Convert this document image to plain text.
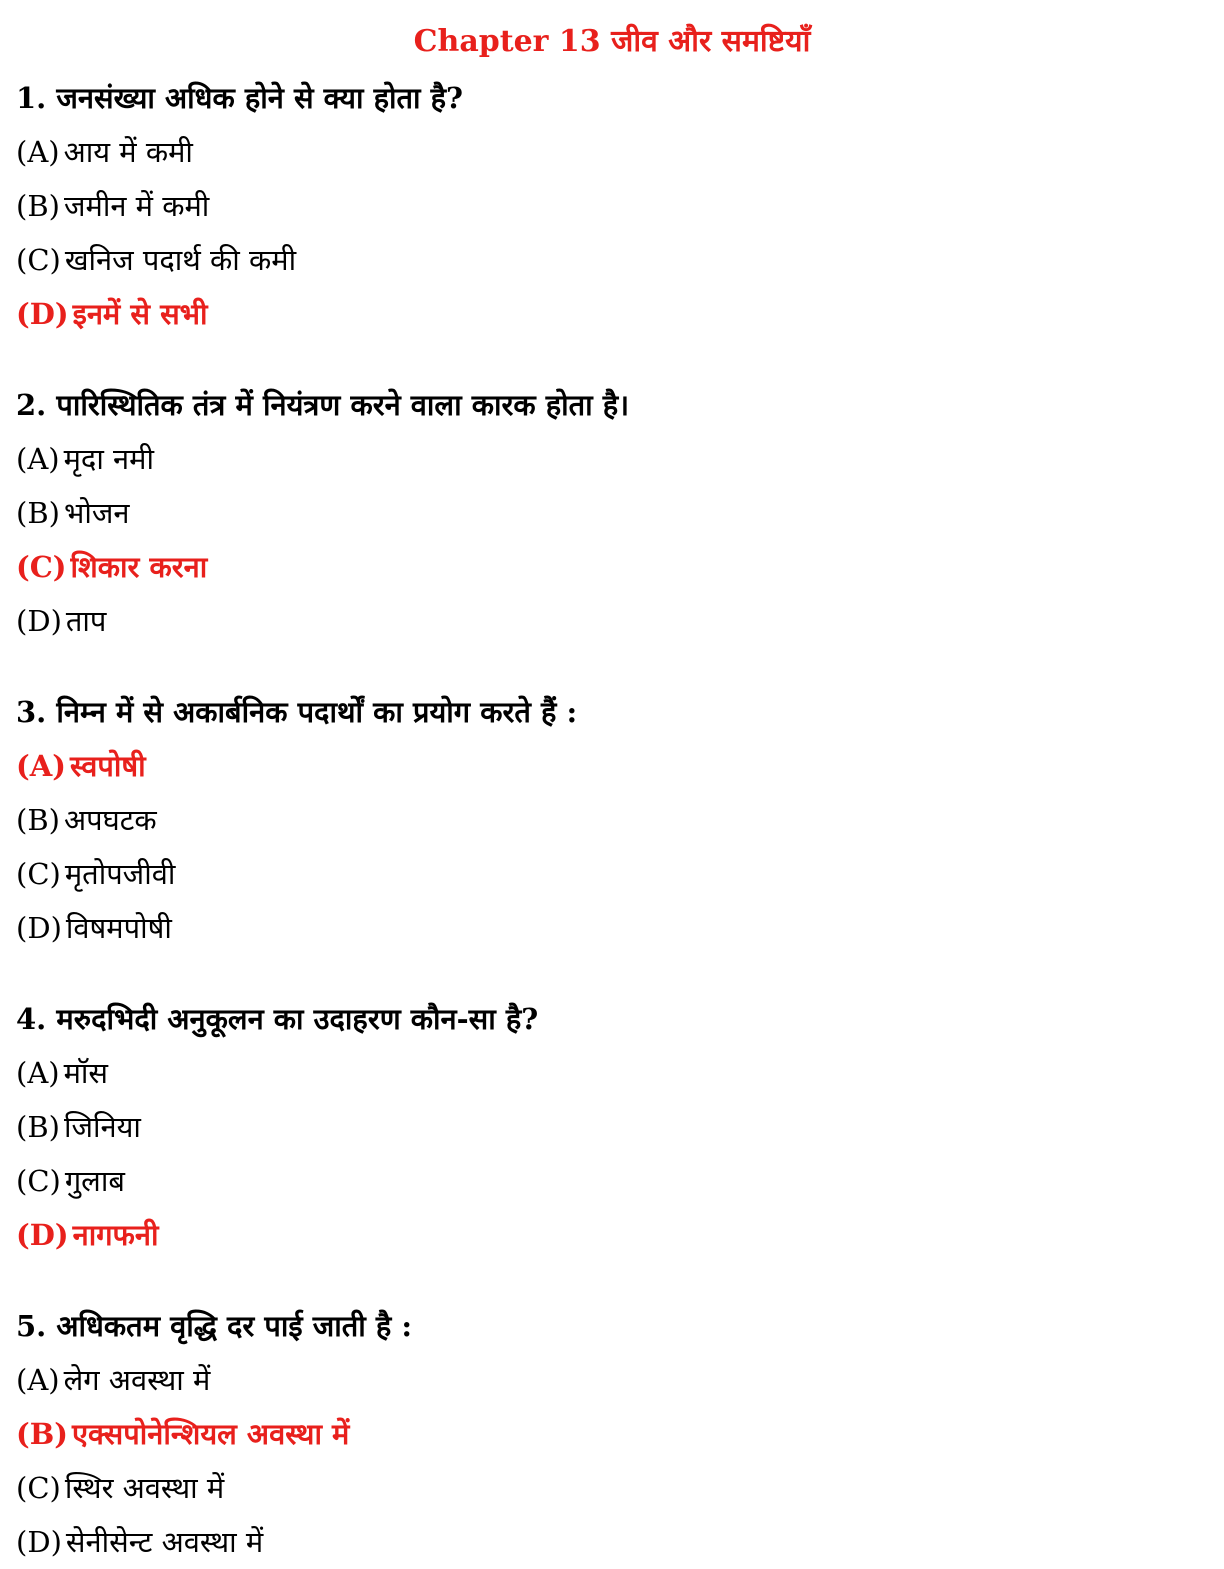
Chapter 13 जीव और समष्टियाँ
1. जनसंख्या अधिक होने से क्या होता है?
(A) आय में कमी
(B) जमीन में कमी
(C) खनिज पदार्थ की कमी
(D) इनमें से सभी
2. पारिस्थितिक तंत्र में नियंत्रण करने वाला कारक होता है।
(A) मृदा नमी
(B) भोजन
(C) शिकार करना
(D) ताप
3. निम्न में से अकार्बनिक पदार्थों का प्रयोग करते हैं :
(A) स्वपोषी
(B) अपघटक
(C) मृतोपजीवी
(D) विषमपोषी
4. मरुदभिदी अनुकूलन का उदाहरण कौन-सा है?
(A) मॉस
(B) जिनिया
(C) गुलाब
(D) नागफनी
5. अधिकतम वृद्धि दर पाई जाती है :
(A) लेग अवस्था में
(B) एक्सपोनेन्शियल अवस्था में
(C) स्थिर अवस्था में
(D) सेनीसेन्ट अवस्था में
